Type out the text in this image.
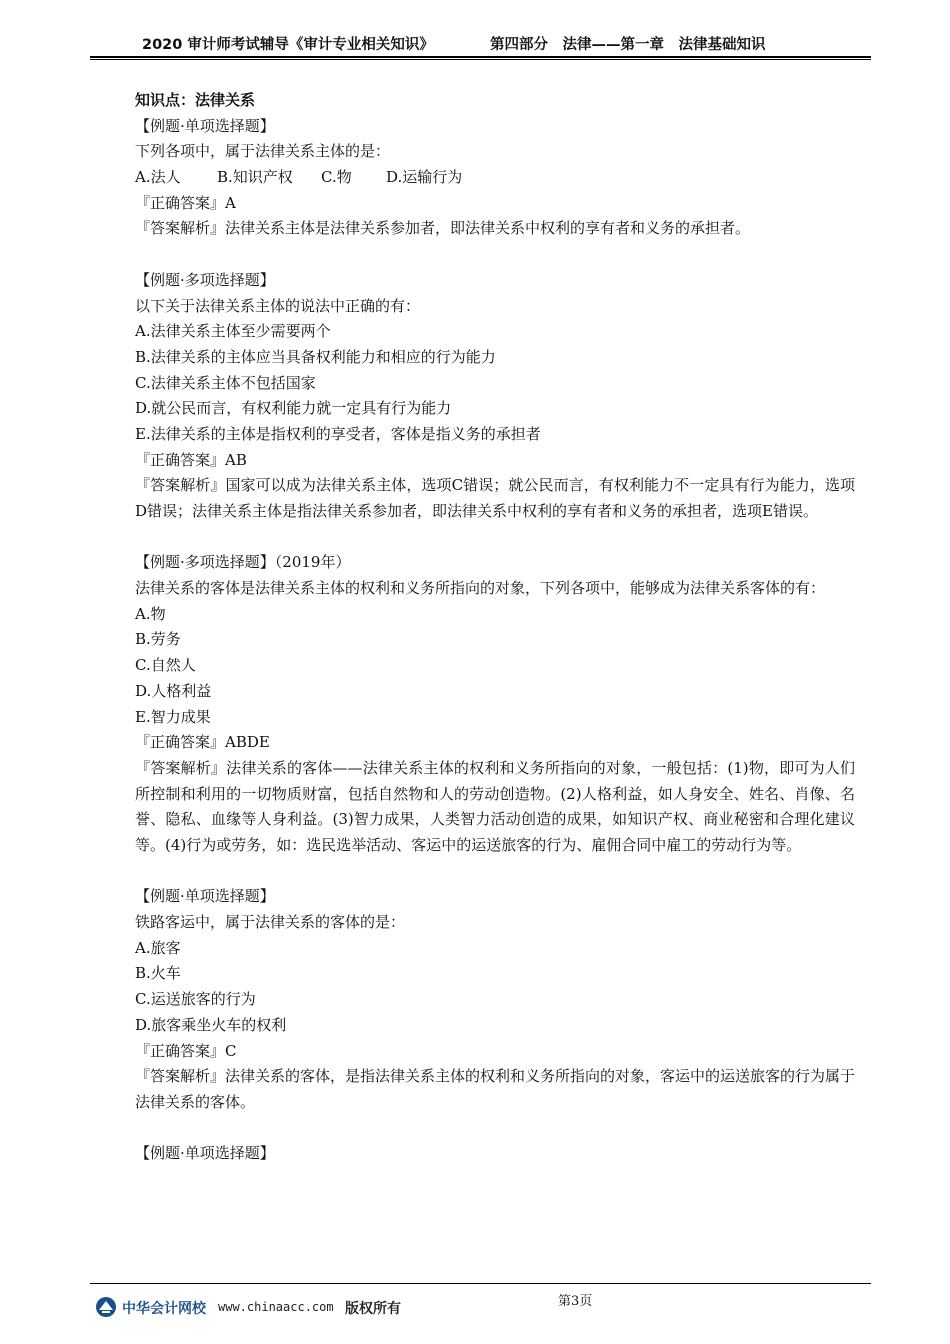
2020 审计师考试辅导《审计专业相关知识》	第四部分　法律——第一章　法律基础知识
知识点：法律关系
【例题·单项选择题】
下列各项中，属于法律关系主体的是：
A.法人 B.知识产权 C.物 D.运输行为
『正确答案』A
『答案解析』法律关系主体是法律关系参加者，即法律关系中权利的享有者和义务的承担者。
【例题·多项选择题】
以下关于法律关系主体的说法中正确的有：
A.法律关系主体至少需要两个
B.法律关系的主体应当具备权利能力和相应的行为能力
C.法律关系主体不包括国家
D.就公民而言，有权利能力就一定具有行为能力
E.法律关系的主体是指权利的享受者，客体是指义务的承担者
『正确答案』AB
『答案解析』国家可以成为法律关系主体，选项C错误；就公民而言，有权利能力不一定具有行为能力，选项D错误；法律关系主体是指法律关系参加者，即法律关系中权利的享有者和义务的承担者，选项E错误。
【例题·多项选择题】（2019年）
法律关系的客体是法律关系主体的权利和义务所指向的对象，下列各项中，能够成为法律关系客体的有：
A.物
B.劳务
C.自然人
D.人格利益
E.智力成果
『正确答案』ABDE
『答案解析』法律关系的客体——法律关系主体的权利和义务所指向的对象，一般包括：(1)物，即可为人们所控制和利用的一切物质财富，包括自然物和人的劳动创造物。(2)人格利益，如人身安全、姓名、肖像、名誉、隐私、血缘等人身利益。(3)智力成果，人类智力活动创造的成果，如知识产权、商业秘密和合理化建议等。(4)行为或劳务，如：选民选举活动、客运中的运送旅客的行为、雇佣合同中雇工的劳动行为等。
【例题·单项选择题】
铁路客运中，属于法律关系的客体的是：
A.旅客
B.火车
C.运送旅客的行为
D.旅客乘坐火车的权利
『正确答案』C
『答案解析』法律关系的客体，是指法律关系主体的权利和义务所指向的对象，客运中的运送旅客的行为属于法律关系的客体。
【例题·单项选择题】
中华会计网校 www.chinaacc.com 版权所有	第3页
